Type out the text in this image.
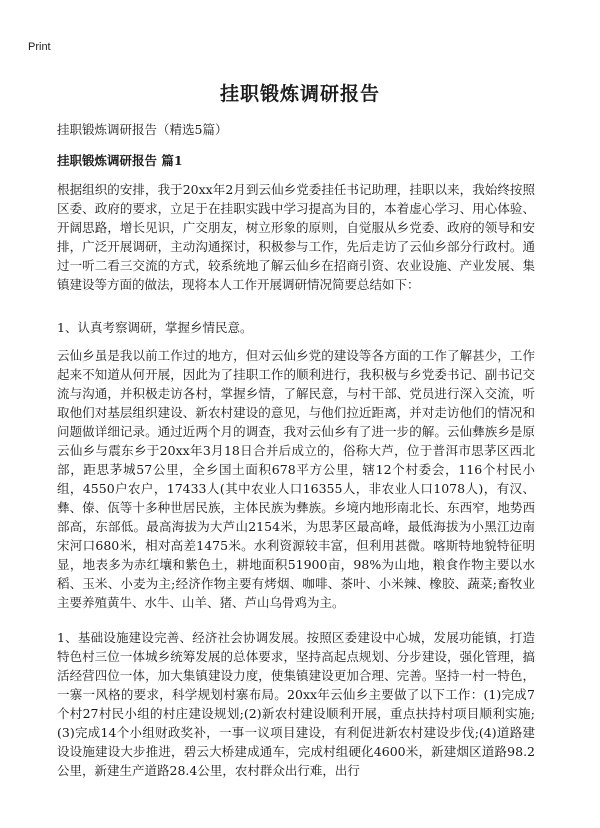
Print
挂职锻炼调研报告

挂职锻炼调研报告（精选5篇）

挂职锻炼调研报告 篇1

根据组织的安排，我于20xx年2月到云仙乡党委挂任书记助理，挂职以来，我始终按照区委、政府的要求，立足于在挂职实践中学习提高为目的，本着虚心学习、用心体验、开阔思路，增长见识，广交朋友，树立形象的原则，自觉服从乡党委、政府的领导和安排，广泛开展调研，主动沟通探讨，积极参与工作，先后走访了云仙乡部分行政村。通过一听二看三交流的方式，较系统地了解云仙乡在招商引资、农业设施、产业发展、集镇建设等方面的做法，现将本人工作开展调研情况简要总结如下：

1、认真考察调研，掌握乡情民意。

云仙乡虽是我以前工作过的地方，但对云仙乡党的建设等各方面的工作了解甚少，工作起来不知道从何开展，因此为了挂职工作的顺利进行，我积极与乡党委书记、副书记交流与沟通，并积极走访各村，掌握乡情，了解民意，与村干部、党员进行深入交流，听取他们对基层组织建设、新农村建设的意见，与他们拉近距离，并对走访他们的情况和问题做详细记录。通过近两个月的调查，我对云仙乡有了进一步的解。云仙彝族乡是原云仙乡与震东乡于20xx年3月18日合并后成立的，俗称大芦，位于普洱市思茅区西北部，距思茅城57公里，全乡国土面积678平方公里，辖12个村委会，116个村民小组，4550户农户，17433人(其中农业人口16355人，非农业人口1078人)，有汉、彝、傣、佤等十多种世居民族，主体民族为彝族。乡境内地形南北长、东西窄，地势西部高，东部低。最高海拔为大芦山2154米，为思茅区最高峰，最低海拔为小黑江边南宋河口680米，相对高差1475米。水利资源较丰富，但利用甚微。喀斯特地貌特征明显，地表多为赤红壤和紫色土，耕地面积51900亩，98%为山地，粮食作物主要以水稻、玉米、小麦为主;经济作物主要有烤烟、咖啡、茶叶、小米辣、橡胶、蔬菜;畜牧业主要养殖黄牛、水牛、山羊、猪、芦山乌骨鸡为主。

1、基础设施建设完善、经济社会协调发展。按照区委建设中心城，发展功能镇，打造特色村三位一体城乡统筹发展的总体要求，坚持高起点规划、分步建设，强化管理，搞活经营四位一体，加大集镇建设力度，使集镇建设更加合理、完善。坚持一村一特色，一寨一风格的要求，科学规划村寨布局。20xx年云仙乡主要做了以下工作：(1)完成7个村27村民小组的村庄建设规划;(2)新农村建设顺利开展，重点扶持村项目顺利实施;(3)完成14个小组财政奖补，一事一议项目建设，有利促进新农村建设步伐;(4)道路建设设施建设大步推进，碧云大桥建成通车，完成村组硬化4600米，新建烟区道路98.2公里，新建生产道路28.4公里，农村群众出行难，出行
